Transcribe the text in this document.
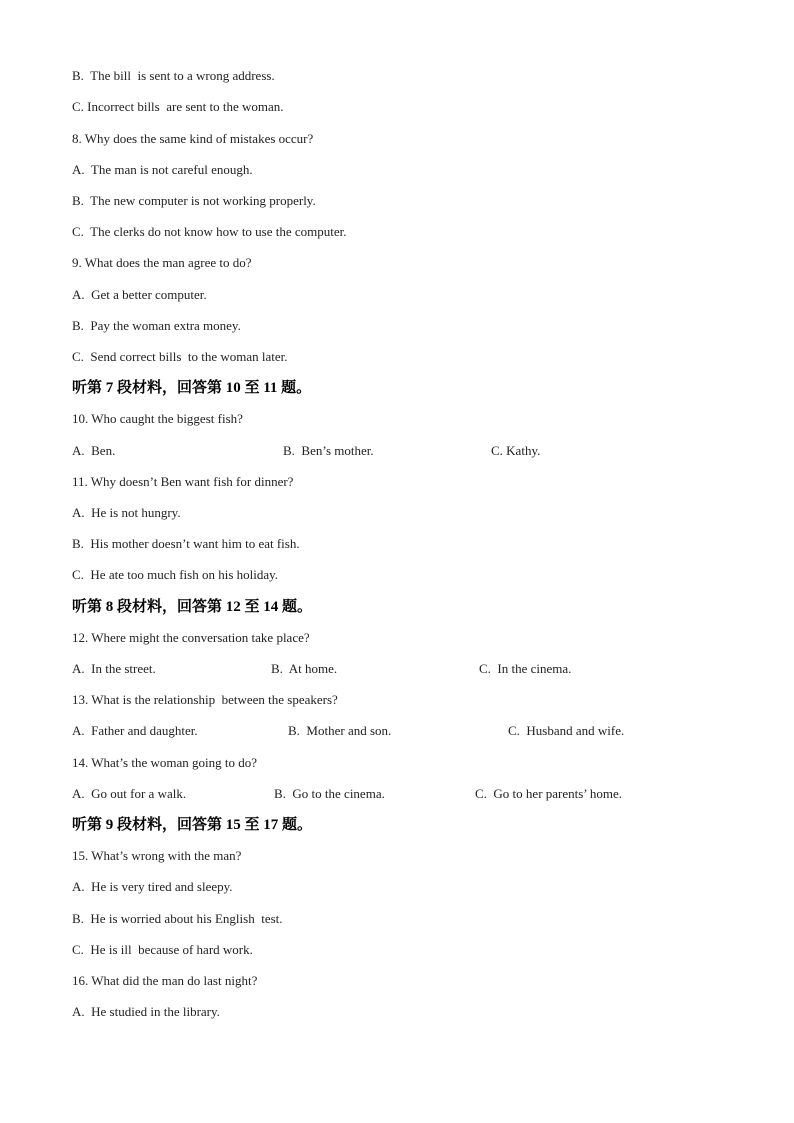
B.  The bill  is sent to a wrong address.
C. Incorrect bills  are sent to the woman.
8. Why does the same kind of mistakes occur?
A.  The man is not careful enough.
B.  The new computer is not working properly.
C.  The clerks do not know how to use the computer.
9. What does the man agree to do?
A.  Get a better computer.
B.  Pay the woman extra money.
C.  Send correct bills  to the woman later.
听第 7 段材料，回答第 10 至 11 题。
10. Who caught the biggest fish?
A.  Ben.	B.  Ben’s mother.	C. Kathy.
11. Why doesn’t Ben want fish for dinner?
A.  He is not hungry.
B.  His mother doesn’t want him to eat fish.
C.  He ate too much fish on his holiday.
听第 8 段材料，回答第 12 至 14 题。
12. Where might the conversation take place?
A.  In the street.	B.  At home.	C.  In the cinema.
13. What is the relationship  between the speakers?
A.  Father and daughter.	B.  Mother and son.	C.  Husband and wife.
14. What’s the woman going to do?
A.  Go out for a walk.	B.  Go to the cinema.	C.  Go to her parents’ home.
听第 9 段材料，回答第 15 至 17 题。
15. What’s wrong with the man?
A.  He is very tired and sleepy.
B.  He is worried about his English  test.
C.  He is ill  because of hard work.
16. What did the man do last night?
A.  He studied in the library.
